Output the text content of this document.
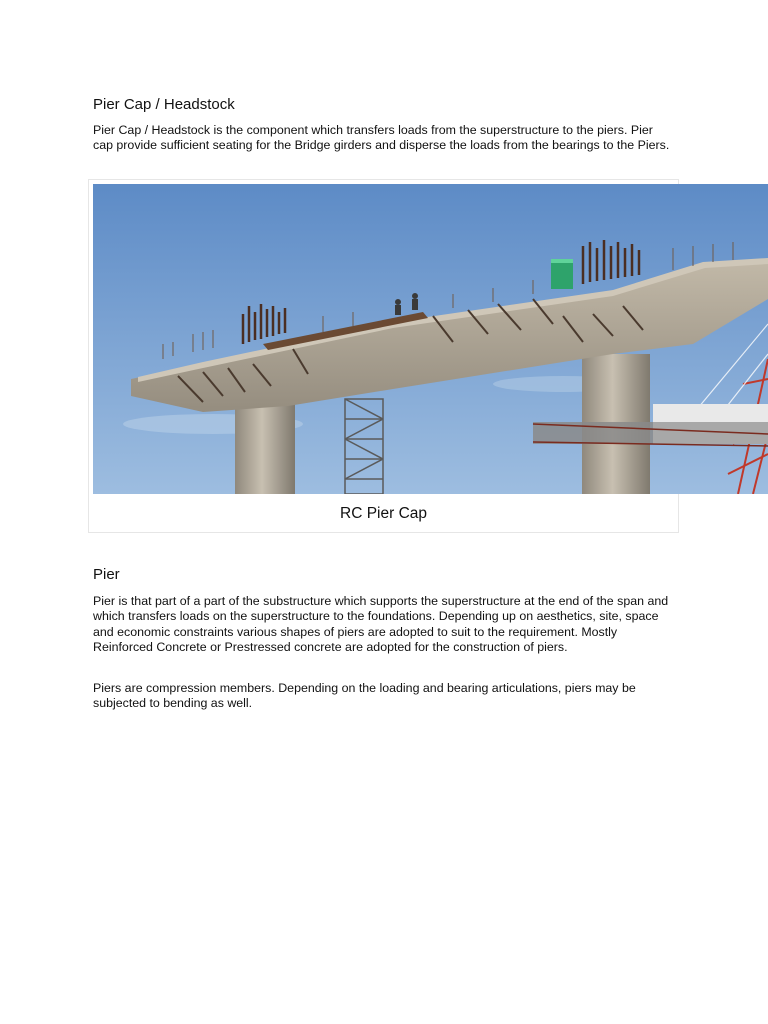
Pier Cap / Headstock

Pier Cap / Headstock is the component which transfers loads from the superstructure to the piers. Pier cap provide sufficient seating for the Bridge girders and disperse the loads from the bearings to the Piers.

RC Pier Cap
Pier

Pier is that part of a part of the substructure which supports the superstructure at the end of the span and which transfers loads on the superstructure to the foundations. Depending up on aesthetics, site, space and economic constraints various shapes of piers are adopted to suit to the requirement. Mostly Reinforced Concrete or Prestressed concrete are adopted for the construction of piers.

Piers are compression members. Depending on the loading and bearing articulations, piers may be subjected to bending as well.
